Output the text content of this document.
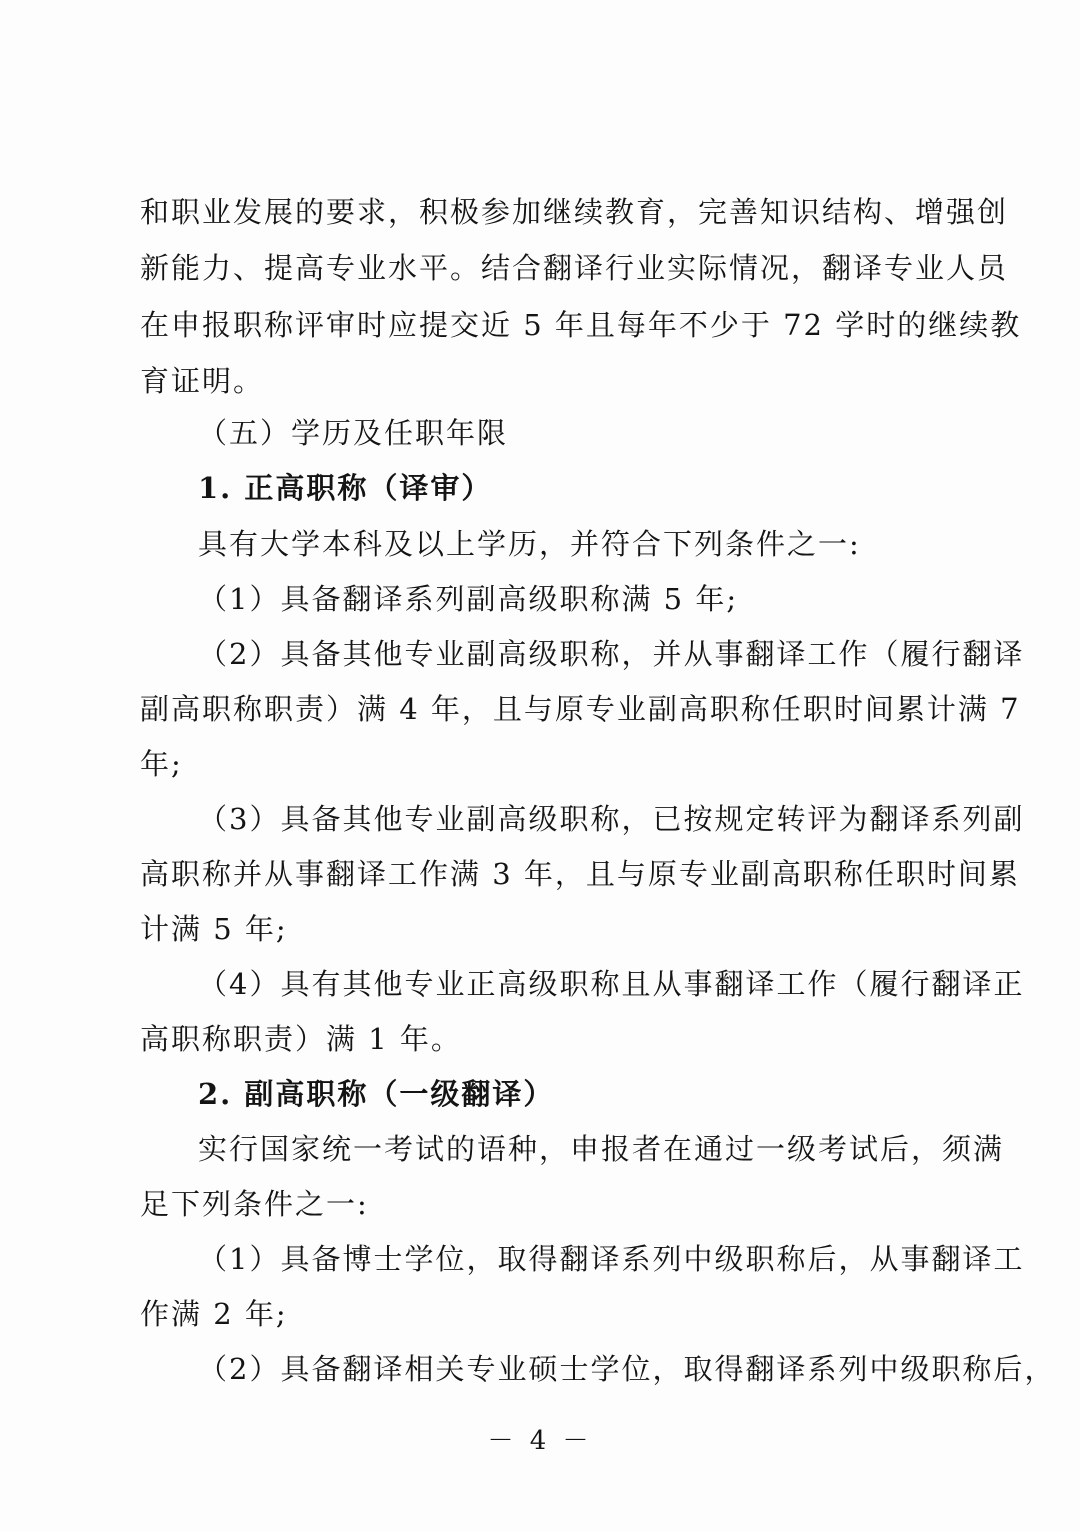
和职业发展的要求，积极参加继续教育，完善知识结构、增强创
新能力、提高专业水平。结合翻译行业实际情况，翻译专业人员
在申报职称评审时应提交近 5 年且每年不少于 72 学时的继续教
育证明。
（五）学历及任职年限
1. 正高职称（译审）
具有大学本科及以上学历，并符合下列条件之一:
（1）具备翻译系列副高级职称满 5 年;
（2）具备其他专业副高级职称，并从事翻译工作（履行翻译
副高职称职责）满 4 年，且与原专业副高职称任职时间累计满 7
年;
（3）具备其他专业副高级职称，已按规定转评为翻译系列副
高职称并从事翻译工作满 3 年，且与原专业副高职称任职时间累
计满 5 年;
（4）具有其他专业正高级职称且从事翻译工作（履行翻译正
高职称职责）满 1 年。
2. 副高职称（一级翻译）
实行国家统一考试的语种，申报者在通过一级考试后，须满
足下列条件之一:
（1）具备博士学位，取得翻译系列中级职称后，从事翻译工
作满 2 年;
（2）具备翻译相关专业硕士学位，取得翻译系列中级职称后，
－ 4 －
